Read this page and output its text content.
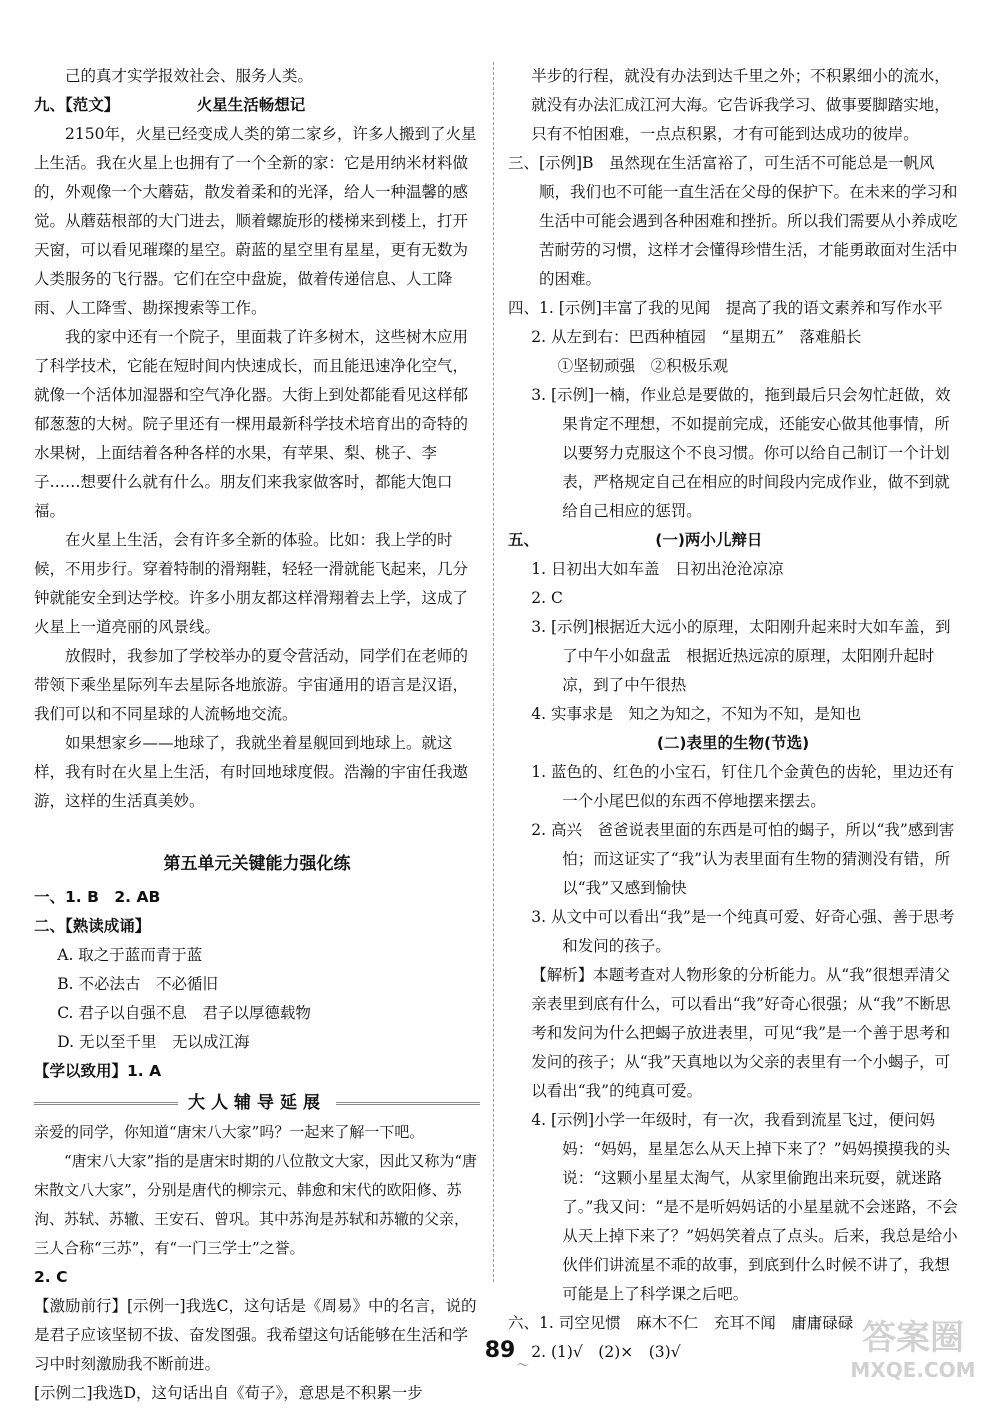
己的真才实学报效社会、服务人类。

九、【范文】	火星生活畅想记

2150年，火星已经变成人类的第二家乡，许多人搬到了火星上生活。我在火星上也拥有了一个全新的家：它是用纳米材料做的，外观像一个大蘑菇，散发着柔和的光泽，给人一种温馨的感觉。从蘑菇根部的大门进去，顺着螺旋形的楼梯来到楼上，打开天窗，可以看见璀璨的星空。蔚蓝的星空里有星星，更有无数为人类服务的飞行器。它们在空中盘旋，做着传递信息、人工降雨、人工降雪、勘探搜索等工作。

我的家中还有一个院子，里面栽了许多树木，这些树木应用了科学技术，它能在短时间内快速成长，而且能迅速净化空气，就像一个活体加湿器和空气净化器。大街上到处都能看见这样郁郁葱葱的大树。院子里还有一棵用最新科学技术培育出的奇特的水果树，上面结着各种各样的水果，有苹果、梨、桃子、李子……想要什么就有什么。朋友们来我家做客时，都能大饱口福。

在火星上生活，会有许多全新的体验。比如：我上学的时候，不用步行。穿着特制的滑翔鞋，轻轻一滑就能飞起来，几分钟就能安全到达学校。许多小朋友都这样滑翔着去上学，这成了火星上一道亮丽的风景线。

放假时，我参加了学校举办的夏令营活动，同学们在老师的带领下乘坐星际列车去星际各地旅游。宇宙通用的语言是汉语，我们可以和不同星球的人流畅地交流。

如果想家乡——地球了，我就坐着星舰回到地球上。就这样，我有时在火星上生活，有时回地球度假。浩瀚的宇宙任我遨游，这样的生活真美妙。

第五单元关键能力强化练

一、1. B　2. AB

二、【熟读成诵】

A. 取之于蓝而青于蓝

B. 不必法古　不必循旧

C. 君子以自强不息　君子以厚德载物

D. 无以至千里　无以成江海

【学以致用】1. A

大人辅导延展

亲爱的同学，你知道“唐宋八大家”吗？一起来了解一下吧。

“唐宋八大家”指的是唐宋时期的八位散文大家，因此又称为“唐宋散文八大家”，分别是唐代的柳宗元、韩愈和宋代的欧阳修、苏洵、苏轼、苏辙、王安石、曾巩。其中苏洵是苏轼和苏辙的父亲，三人合称“三苏”，有“一门三学士”之誉。

2. C

【激励前行】[示例一]我选C，这句话是《周易》中的名言，说的是君子应该坚韧不拔、奋发图强。我希望这句话能够在生活和学习中时刻激励我不断前进。

[示例二]我选D，这句话出自《荀子》，意思是不积累一步

半步的行程，就没有办法到达千里之外；不积累细小的流水，就没有办法汇成江河大海。它告诉我学习、做事要脚踏实地，只有不怕困难，一点点积累，才有可能到达成功的彼岸。

三、[示例]B　虽然现在生活富裕了，可生活不可能总是一帆风顺，我们也不可能一直生活在父母的保护下。在未来的学习和生活中可能会遇到各种困难和挫折。所以我们需要从小养成吃苦耐劳的习惯，这样才会懂得珍惜生活，才能勇敢面对生活中的困难。

四、1. [示例]丰富了我的见闻　提高了我的语文素养和写作水平

2. 从左到右：巴西种植园　“星期五”　落难船长

①坚韧顽强　②积极乐观

3. [示例]一楠，作业总是要做的，拖到最后只会匆忙赶做，效果肯定不理想，不如提前完成，还能安心做其他事情，所以要努力克服这个不良习惯。你可以给自己制订一个计划表，严格规定自己在相应的时间段内完成作业，做不到就给自己相应的惩罚。

五、	(一)两小儿辩日

1. 日初出大如车盖　日初出沧沧凉凉

2. C

3. [示例]根据近大远小的原理，太阳刚升起来时大如车盖，到了中午小如盘盂　根据近热远凉的原理，太阳刚升起时凉，到了中午很热

4. 实事求是　知之为知之，不知为不知，是知也

(二)表里的生物(节选)

1. 蓝色的、红色的小宝石，钉住几个金黄色的齿轮，里边还有一个小尾巴似的东西不停地摆来摆去。

2. 高兴　爸爸说表里面的东西是可怕的蝎子，所以“我”感到害怕；而这证实了“我”认为表里面有生物的猜测没有错，所以“我”又感到愉快

3. 从文中可以看出“我”是一个纯真可爱、好奇心强、善于思考和发问的孩子。

【解析】本题考查对人物形象的分析能力。从“我”很想弄清父亲表里到底有什么，可以看出“我”好奇心很强；从“我”不断思考和发问为什么把蝎子放进表里，可见“我”是一个善于思考和发问的孩子；从“我”天真地以为父亲的表里有一个小蝎子，可以看出“我”的纯真可爱。

4. [示例]小学一年级时，有一次，我看到流星飞过，便问妈妈：“妈妈，星星怎么从天上掉下来了？”妈妈摸摸我的头说：“这颗小星星太淘气，从家里偷跑出来玩耍，就迷路了。”我又问：“是不是听妈妈话的小星星就不会迷路，不会从天上掉下来了？”妈妈笑着点了点头。后来，我总是给小伙伴们讲流星不乖的故事，到底到什么时候不讲了，我想可能是上了科学课之后吧。

六、1. 司空见惯　麻木不仁　充耳不闻　庸庸碌碌

2. (1)√　(2)×　(3)√

89
～
答案圈
MXQE.COM
